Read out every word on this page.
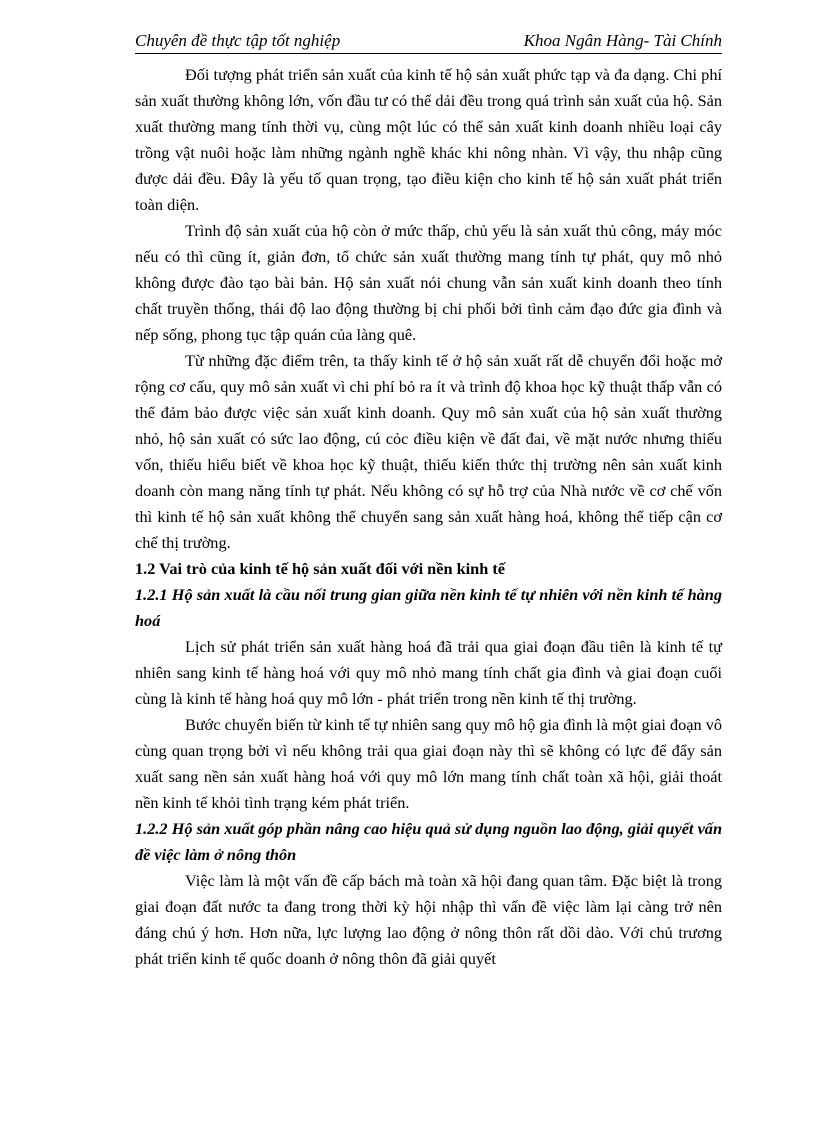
Chuyên đề thực tập tốt nghiệp	Khoa Ngân Hàng- Tài Chính

Đối tượng phát triển sản xuất của kinh tế hộ sản xuất phức tạp và đa dạng. Chi phí sản xuất thường không lớn, vốn đầu tư có thể dải đều trong quá trình sản xuất của hộ. Sản xuất thường mang tính thời vụ, cùng một lúc có thể sản xuất kinh doanh nhiều loại cây trồng vật nuôi hoặc làm những ngành nghề khác khi nông nhàn. Vì vậy, thu nhập cũng được dải đều. Đây là yếu tố quan trọng, tạo điều kiện cho kinh tế hộ sản xuất phát triển toàn diện.

Trình độ sản xuất của hộ còn ở mức thấp, chủ yếu là sản xuất thủ công, máy móc nếu có thì cũng ít, giản đơn, tổ chức sản xuất thường mang tính tự phát, quy mô nhỏ không được đào tạo bài bản. Hộ sản xuất nói chung vẫn sản xuất kinh doanh theo tính chất truyền thống, thái độ lao động thường bị chi phối bởi tình cảm đạo đức gia đình và nếp sống, phong tục tập quán của làng quê.

Từ những đặc điểm trên, ta thấy kinh tế ở hộ sản xuất rất dễ chuyển đổi hoặc mở rộng cơ cấu, quy mô sản xuất vì chi phí bỏ ra ít và trình độ khoa học kỹ thuật thấp vẫn có thể đảm bảo được việc sản xuất kinh doanh. Quy mô sản xuất của hộ sản xuất thường nhỏ, hộ sản xuất có sức lao động, cú cỏc điều kiện về đất đai, về mặt nước nhưng thiếu vốn, thiếu hiểu biết về khoa học kỹ thuật, thiếu kiến thức thị trường nên sản xuất kinh doanh còn mang năng tính tự phát. Nếu không có sự hỗ trợ của Nhà nước về cơ chế vốn thì kinh tế hộ sản xuất không thể chuyển sang sản xuất hàng hoá, không thể tiếp cận cơ chế thị trường.

1.2 Vai trò của kinh tế hộ sản xuất đối với nền kinh tế
1.2.1 Hộ sản xuất là cầu nối trung gian giữa nền kinh tế tự nhiên với nền kinh tế hàng hoá

Lịch sử phát triển sản xuất hàng hoá đã trải qua giai đoạn đầu tiên là kinh tế tự nhiên sang kinh tế hàng hoá với quy mô nhỏ mang tính chất gia đình và giai đoạn cuối cùng là kinh tế hàng hoá quy mô lớn - phát triển trong nền kinh tế thị trường.

Bước chuyển biến từ kinh tế tự nhiên sang quy mô hộ gia đình là một giai đoạn vô cùng quan trọng bởi vì nếu không trải qua giai đoạn này thì sẽ không có lực để đẩy sản xuất sang nền sản xuất hàng hoá với quy mô lớn mang tính chất toàn xã hội, giải thoát nền kinh tế khỏi tình trạng kém phát triển.

1.2.2 Hộ sản xuất góp phần nâng cao hiệu quả sử dụng nguồn lao động, giải quyết vấn đề việc làm ở nông thôn

Việc làm là một vấn đề cấp bách mà toàn xã hội đang quan tâm. Đặc biệt là trong giai đoạn đất nước ta đang trong thời kỳ hội nhập thì vấn đề việc làm lại càng trở nên đáng chú ý hơn. Hơn nữa, lực lượng lao động ở nông thôn rất dồi dào. Với chủ trương phát triển kinh tế quốc doanh ở nông thôn đã giải quyết
